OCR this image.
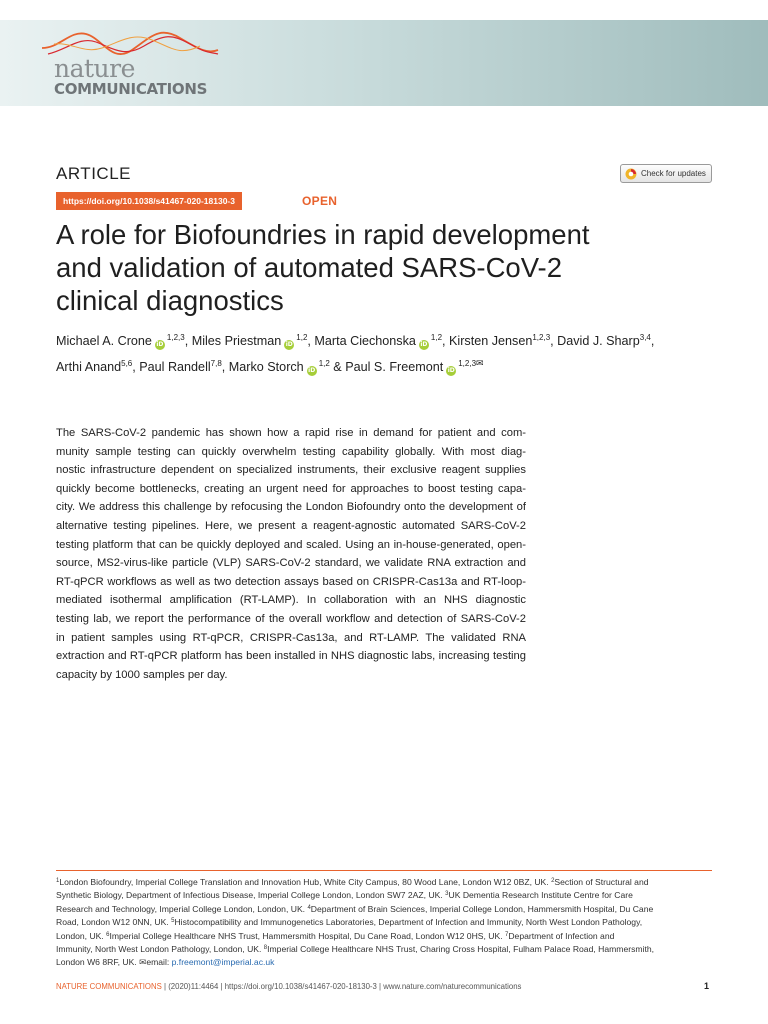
nature
COMMUNICATIONS
ARTICLE	Check for updates
https://doi.org/10.1038/s41467-020-18130-3	OPEN
A role for Biofoundries in rapid development
and validation of automated SARS-CoV-2
clinical diagnostics
Michael A. Crone iD$^{1,2,3}$, Miles Priestman iD$^{1,2}$, Marta Ciechonska iD$^{1,2}$, Kirsten Jensen$^{1,2,3}$, David J. Sharp$^{3,4}$,
Arthi Anand$^{5,6}$, Paul Randell$^{7,8}$, Marko Storch iD$^{1,2}$ & Paul S. Freemont $iD^{1,2,3✉}$
The SARS-CoV-2 pandemic has shown how a rapid rise in demand for patient and com-
munity sample testing can quickly overwhelm testing capability globally. With most diag-
nostic infrastructure dependent on specialized instruments, their exclusive reagent supplies
quickly become bottlenecks, creating an urgent need for approaches to boost testing capa-
city. We address this challenge by refocusing the London Biofoundry onto the development of
alternative testing pipelines. Here, we present a reagent-agnostic automated SARS-CoV-2
testing platform that can be quickly deployed and scaled. Using an in-house-generated, open-
source, MS2-virus-like particle (VLP) SARS-CoV-2 standard, we validate RNA extraction and
RT-qPCR workflows as well as two detection assays based on CRISPR-Cas13a and RT-loop-
mediated isothermal amplification (RT-LAMP). In collaboration with an NHS diagnostic
testing lab, we report the performance of the overall workflow and detection of SARS-CoV-2
in patient samples using RT-qPCR, CRISPR-Cas13a, and RT-LAMP. The validated RNA
extraction and RT-qPCR platform has been installed in NHS diagnostic labs, increasing testing
capacity by 1000 samples per day.
$^1$London Biofoundry, Imperial College Translation and Innovation Hub, White City Campus, 80 Wood Lane, London W12 0BZ, UK. $^2$Section of Structural and
Synthetic Biology, Department of Infectious Disease, Imperial College London, London SW7 2AZ, UK. $^3$UK Dementia Research Institute Centre for Care
Research and Technology, Imperial College London, London, UK. $^4$Department of Brain Sciences, Imperial College London, Hammersmith Hospital, Du Cane
Road, London W12 0NN, UK. $^5$Histocompatibility and Immunogenetics Laboratories, Department of Infection and Immunity, North West London Pathology,
London, UK. $^6$Imperial College Healthcare NHS Trust, Hammersmith Hospital, Du Cane Road, London W12 0HS, UK. $^7$Department of Infection and
Immunity, North West London Pathology, London, UK. $^8$Imperial College Healthcare NHS Trust, Charing Cross Hospital, Fulham Palace Road, Hammersmith,
London W6 8RF, UK. ✉email: p.freemont@imperial.ac.uk
NATURE COMMUNICATIONS | (2020)11:4464 | https://doi.org/10.1038/s41467-020-18130-3 | www.nature.com/naturecommunications	1
